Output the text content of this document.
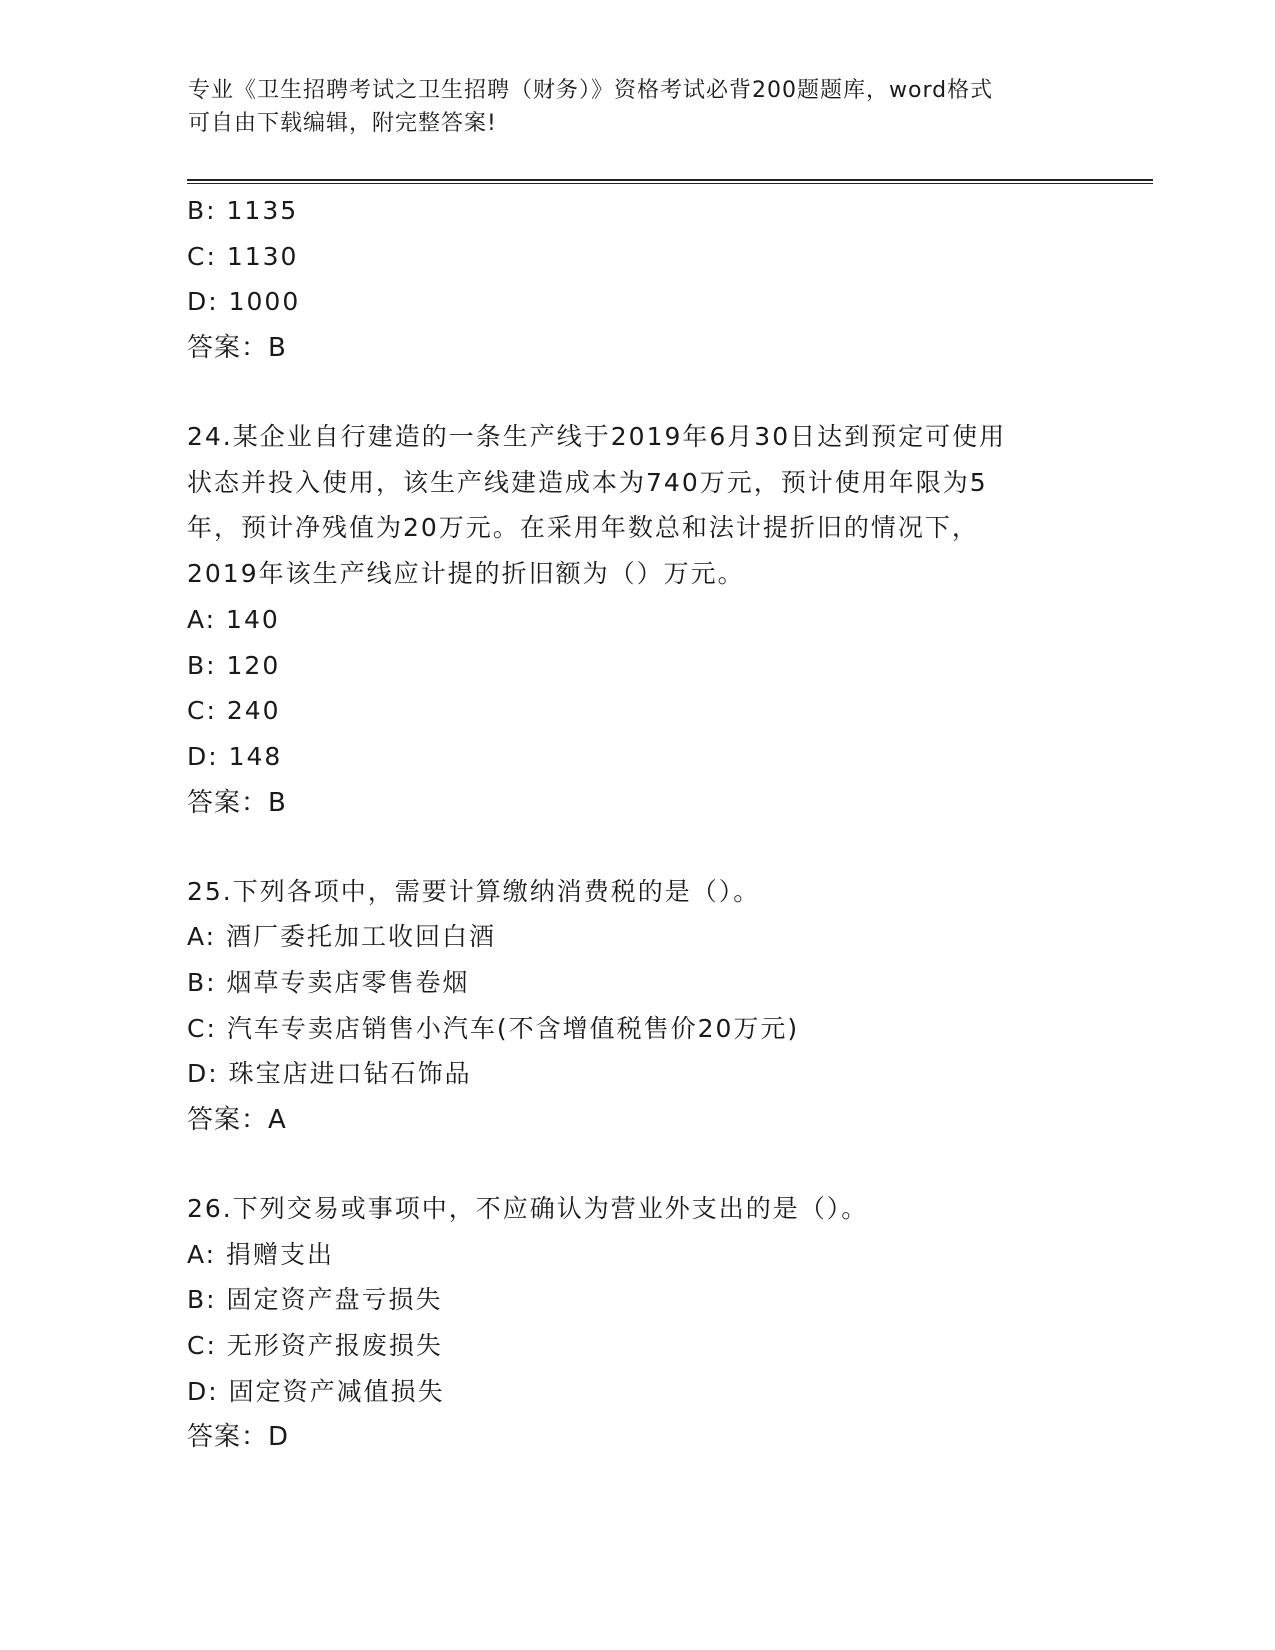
专业《卫生招聘考试之卫生招聘（财务）》资格考试必背200题题库，word格式

可自由下载编辑，附完整答案!

B: 1135
C: 1130
D: 1000
答案：B
24.某企业自行建造的一条生产线于2019年6月30日达到预定可使用
状态并投入使用，该生产线建造成本为740万元，预计使用年限为5
年，预计净残值为20万元。在采用年数总和法计提折旧的情况下，
2019年该生产线应计提的折旧额为（）万元。
A: 140
B: 120
C: 240
D: 148
答案：B
25.下列各项中，需要计算缴纳消费税的是（）。
A: 酒厂委托加工收回白酒
B: 烟草专卖店零售卷烟
C: 汽车专卖店销售小汽车(不含增值税售价20万元)
D: 珠宝店进口钻石饰品
答案：A
26.下列交易或事项中，不应确认为营业外支出的是（）。
A: 捐赠支出
B: 固定资产盘亏损失
C: 无形资产报废损失
D: 固定资产减值损失
答案：D
